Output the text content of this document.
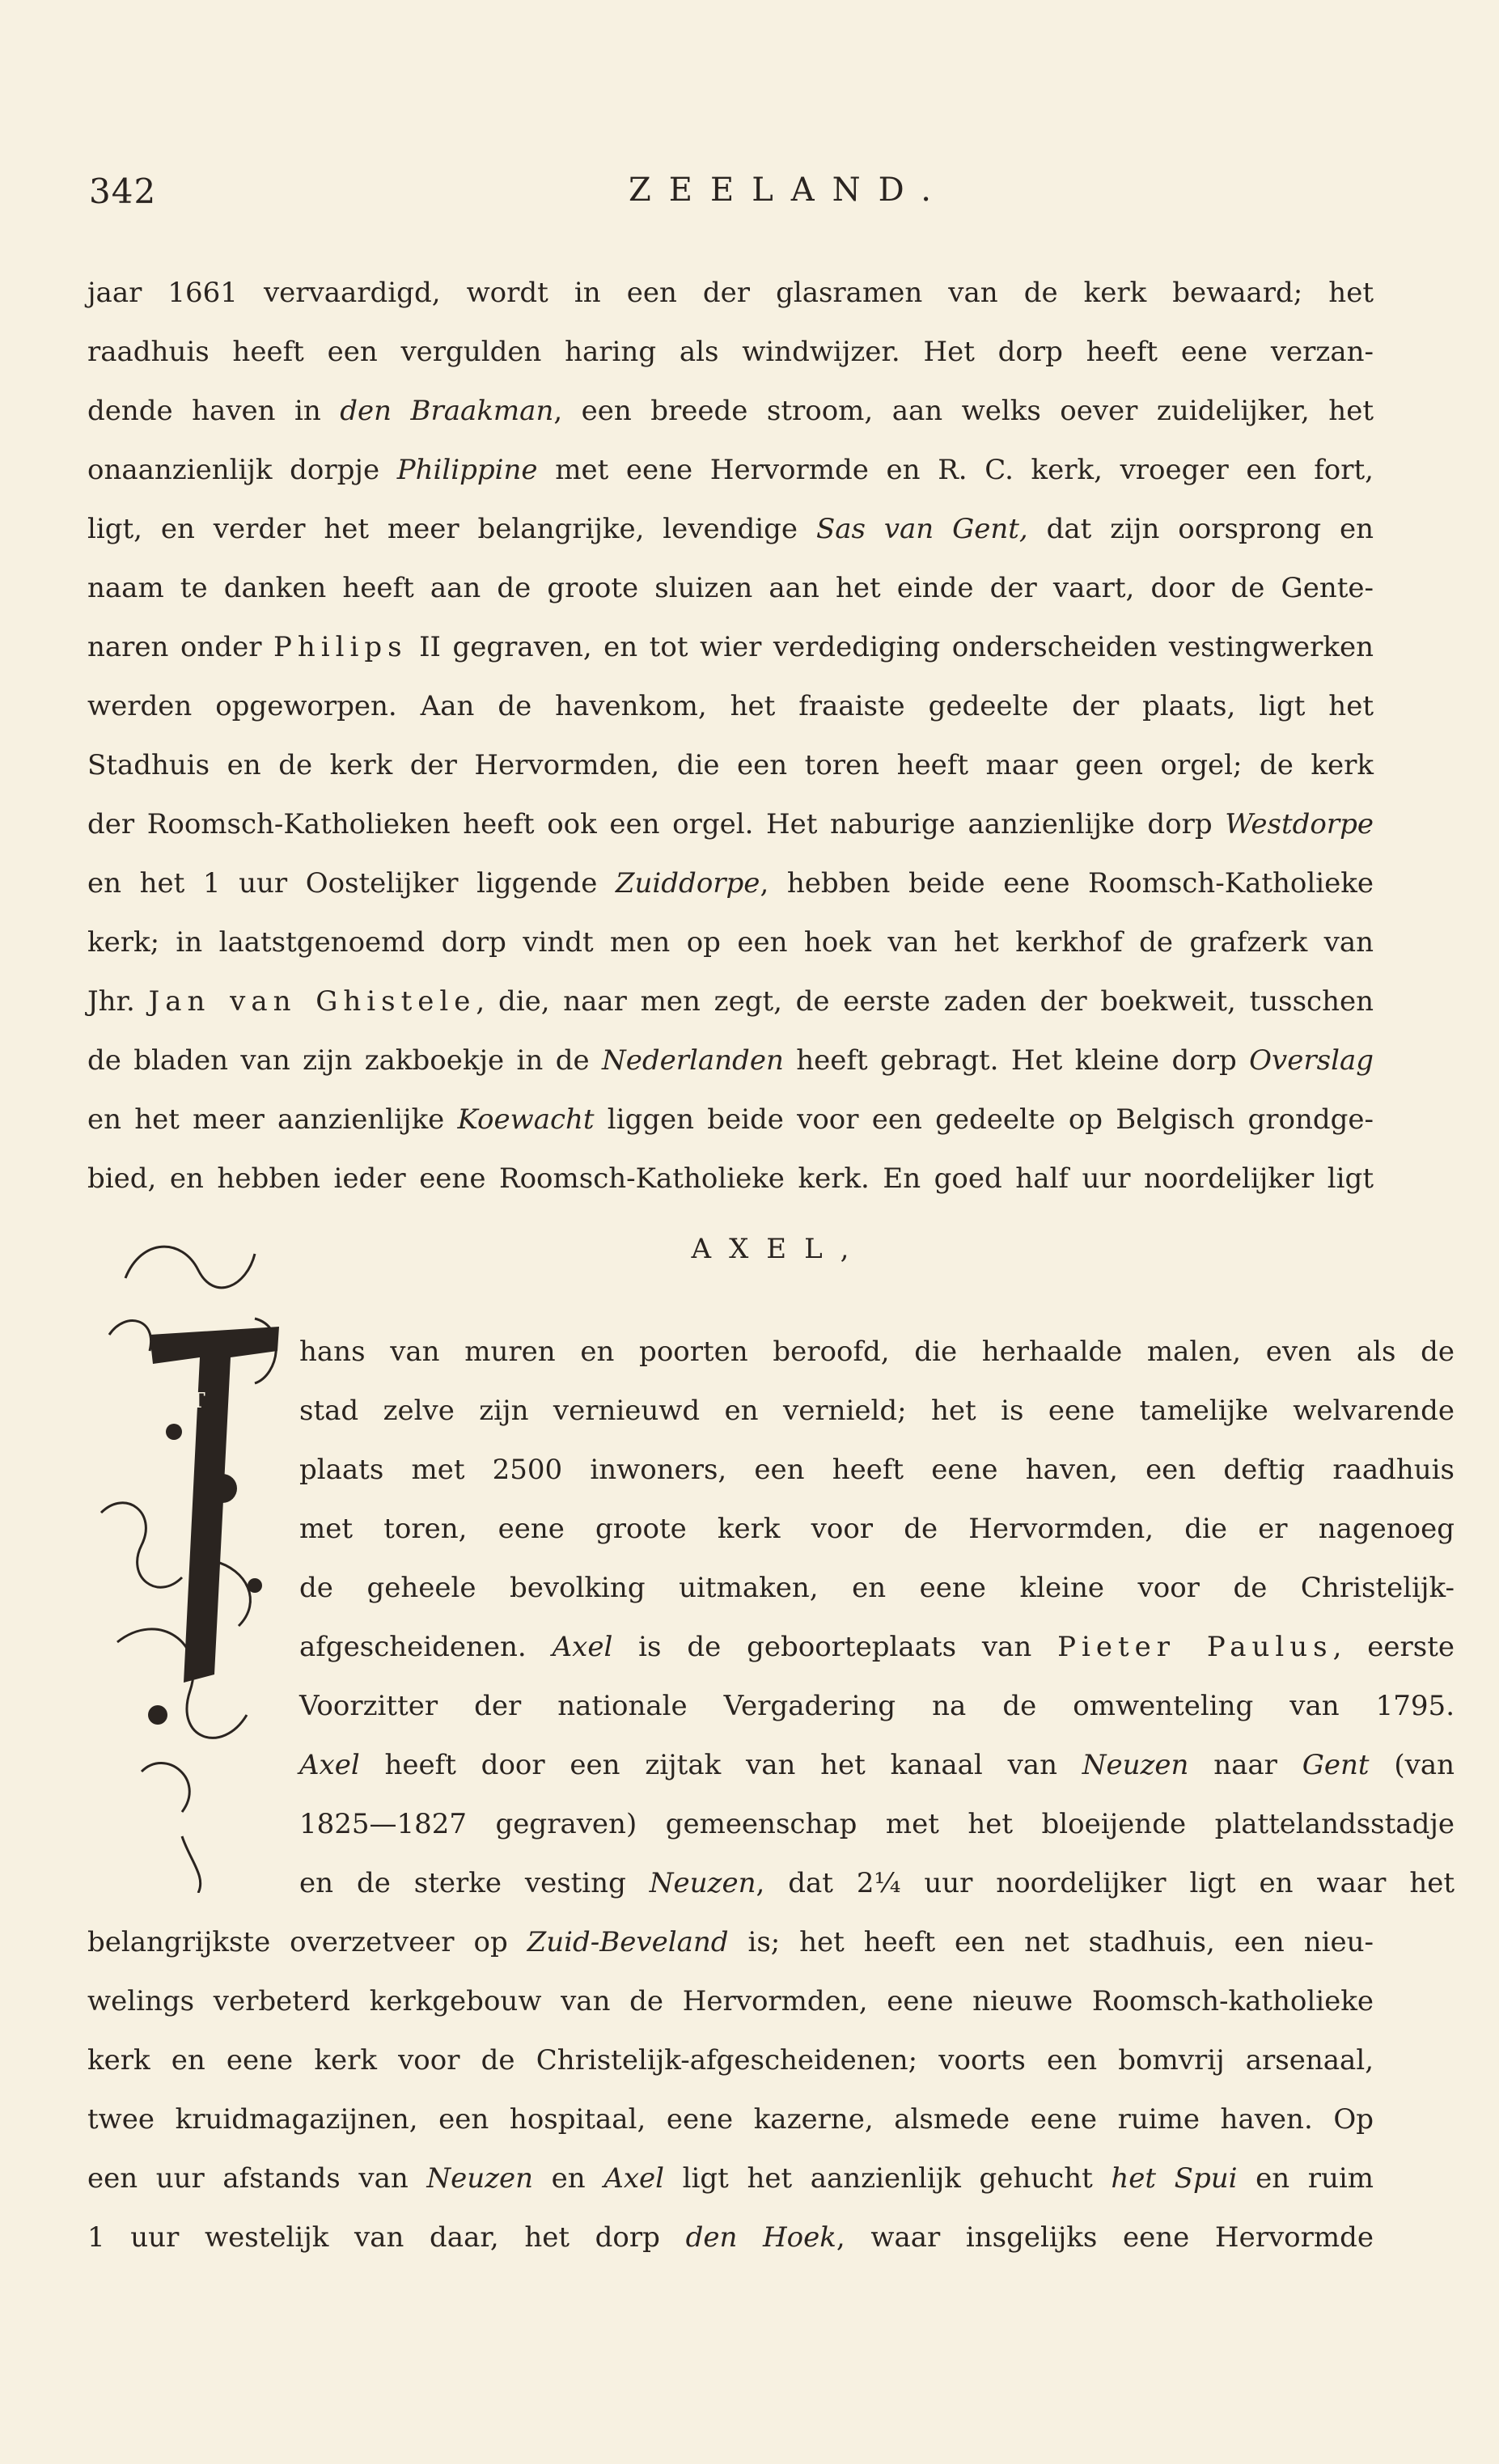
342	ZEELAND.
jaar 1661 vervaardigd, wordt in een der glasramen van de kerk bewaard; het
raadhuis heeft een vergulden haring als windwijzer. Het dorp heeft eene verzan-
dende haven in den Braakman, een breede stroom, aan welks oever zuidelijker, het
onaanzienlijk dorpje Philippine met eene Hervormde en R. C. kerk, vroeger een fort,
ligt, en verder het meer belangrijke, levendige Sas van Gent, dat zijn oorsprong en
naam te danken heeft aan de groote sluizen aan het einde der vaart, door de Gente-
naren onder Philips II gegraven, en tot wier verdediging onderscheiden vestingwerken
werden opgeworpen. Aan de havenkom, het fraaiste gedeelte der plaats, ligt het
Stadhuis en de kerk der Hervormden, die een toren heeft maar geen orgel; de kerk
der Roomsch-Katholieken heeft ook een orgel. Het naburige aanzienlijke dorp Westdorpe
en het 1 uur Oostelijker liggende Zuiddorpe, hebben beide eene Roomsch-Katholieke
kerk; in laatstgenoemd dorp vindt men op een hoek van het kerkhof de grafzerk van
Jhr. Jan van Ghistele, die, naar men zegt, de eerste zaden der boekweit, tusschen
de bladen van zijn zakboekje in de Nederlanden heeft gebragt. Het kleine dorp Overslag
en het meer aanzienlijke Koewacht liggen beide voor een gedeelte op Belgisch grondge-
bied, en hebben ieder eene Roomsch-Katholieke kerk. En goed half uur noordelijker ligt
AXEL,
T
hans van muren en poorten beroofd, die herhaalde malen, even als de
stad zelve zijn vernieuwd en vernield; het is eene tamelijke welvarende
plaats met 2500 inwoners, een heeft eene haven, een deftig raadhuis
met toren, eene groote kerk voor de Hervormden, die er nagenoeg
de geheele bevolking uitmaken, en eene kleine voor de Christelijk-
afgescheidenen. Axel is de geboorteplaats van Pieter Paulus, eerste
Voorzitter der nationale Vergadering na de omwenteling van 1795.
Axel heeft door een zijtak van het kanaal van Neuzen naar Gent (van
1825—1827 gegraven) gemeenschap met het bloeijende plattelandsstadje
en de sterke vesting Neuzen, dat 2¼ uur noordelijker ligt en waar het
belangrijkste overzetveer op Zuid-Beveland is; het heeft een net stadhuis, een nieu-
welings verbeterd kerkgebouw van de Hervormden, eene nieuwe Roomsch-katholieke
kerk en eene kerk voor de Christelijk-afgescheidenen; voorts een bomvrij arsenaal,
twee kruidmagazijnen, een hospitaal, eene kazerne, alsmede eene ruime haven. Op
een uur afstands van Neuzen en Axel ligt het aanzienlijk gehucht het Spui en ruim
1 uur westelijk van daar, het dorp den Hoek, waar insgelijks eene Hervormde
